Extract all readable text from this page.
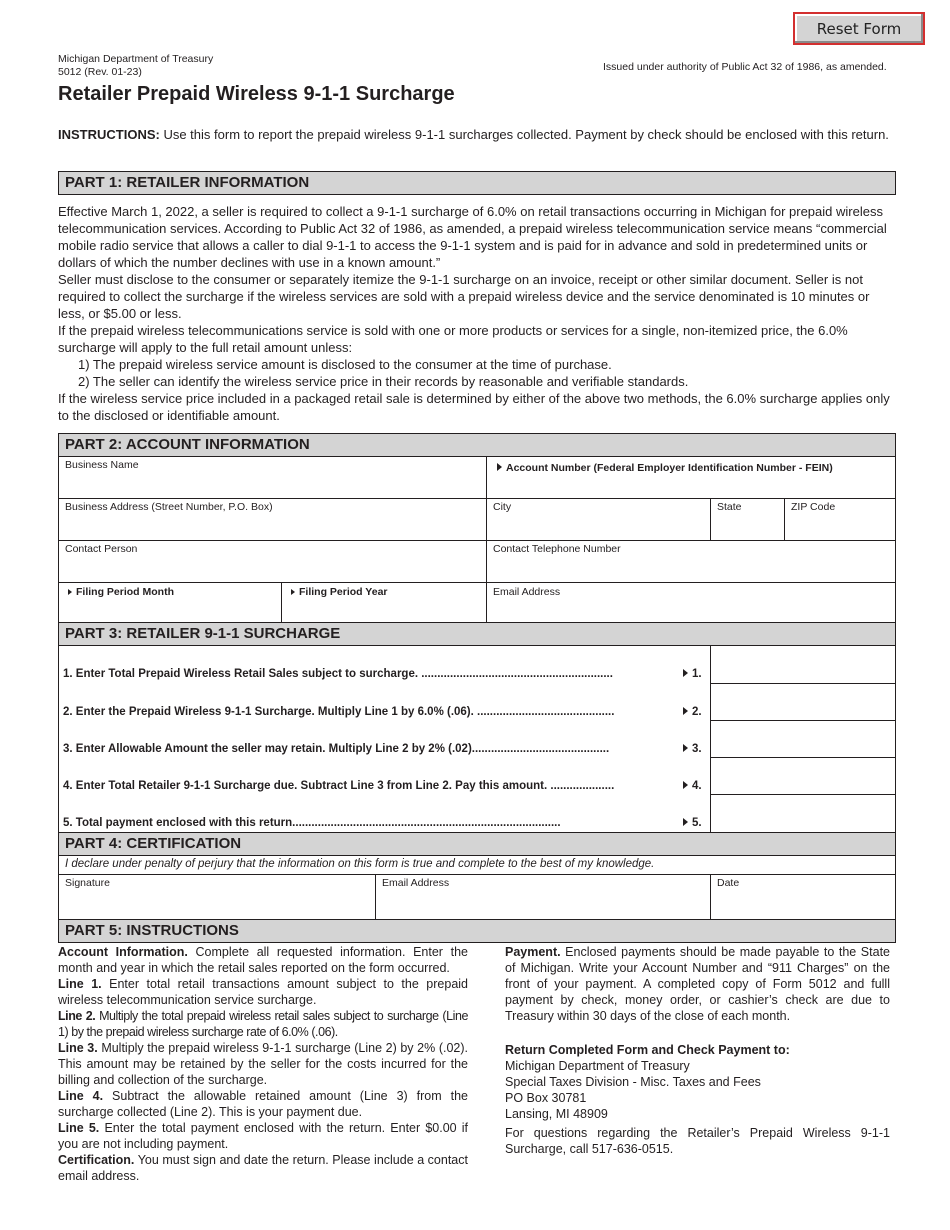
Reset Form
Michigan Department of Treasury
5012 (Rev. 01-23)	Issued under authority of Public Act 32 of 1986, as amended.
Retailer Prepaid Wireless 9-1-1 Surcharge
INSTRUCTIONS: Use this form to report the prepaid wireless 9-1-1 surcharges collected. Payment by check should be enclosed with this return.
PART 1: RETAILER INFORMATION
Effective March 1, 2022, a seller is required to collect a 9-1-1 surcharge of 6.0% on retail transactions occurring in Michigan for prepaid wireless telecommunication services. According to Public Act 32 of 1986, as amended, a prepaid wireless telecommunication service means “commercial mobile radio service that allows a caller to dial 9-1-1 to access the 9-1-1 system and is paid for in advance and sold in predetermined units or dollars of which the number declines with use in a known amount.”
Seller must disclose to the consumer or separately itemize the 9-1-1 surcharge on an invoice, receipt or other similar document. Seller is not required to collect the surcharge if the wireless services are sold with a prepaid wireless device and the service denominated is 10 minutes or less, or $5.00 or less.
If the prepaid wireless telecommunications service is sold with one or more products or services for a single, non-itemized price, the 6.0% surcharge will apply to the full retail amount unless:
1) The prepaid wireless service amount is disclosed to the consumer at the time of purchase.
2) The seller can identify the wireless service price in their records by reasonable and verifiable standards.
If the wireless service price included in a packaged retail sale is determined by either of the above two methods, the 6.0% surcharge applies only to the disclosed or identifiable amount.
PART 2: ACCOUNT INFORMATION
Business Name	Account Number (Federal Employer Identification Number - FEIN)
Business Address (Street Number, P.O. Box)	City	State	ZIP Code
Contact Person	Contact Telephone Number
Filing Period Month	Filing Period Year	Email Address
PART 3: RETAILER 9-1-1 SURCHARGE
1. Enter Total Prepaid Wireless Retail Sales subject to surcharge. ............................................................	1.
2. Enter the Prepaid Wireless 9-1-1 Surcharge. Multiply Line 1 by 6.0% (.06). ...........................................	2.
3. Enter Allowable Amount the seller may retain. Multiply Line 2 by 2% (.02)...........................................	3.
4. Enter Total Retailer 9-1-1 Surcharge due. Subtract Line 3 from Line 2. Pay this amount. ....................	4.
5. Total payment enclosed with this return....................................................................................	5.
PART 4: CERTIFICATION
I declare under penalty of perjury that the information on this form is true and complete to the best of my knowledge.
Signature	Email Address	Date
PART 5: INSTRUCTIONS
Account Information. Complete all requested information. Enter the month and year in which the retail sales reported on the form occurred.
Line 1. Enter total retail transactions amount subject to the prepaid wireless telecommunication service surcharge.
Line 2. Multiply the total prepaid wireless retail sales subject to surcharge (Line 1) by the prepaid wireless surcharge rate of 6.0% (.06).
Line 3. Multiply the prepaid wireless 9-1-1 surcharge (Line 2) by 2% (.02). This amount may be retained by the seller for the costs incurred for the billing and collection of the surcharge.
Line 4. Subtract the allowable retained amount (Line 3) from the surcharge collected (Line 2). This is your payment due.
Line 5. Enter the total payment enclosed with the return. Enter $0.00 if you are not including payment.
Certification. You must sign and date the return. Please include a contact email address.
Payment. Enclosed payments should be made payable to the State of Michigan. Write your Account Number and “911 Charges” on the front of your payment. A completed copy of Form 5012 and fulll payment by check, money order, or cashier’s check are due to Treasury within 30 days of the close of each month.
Return Completed Form and Check Payment to:
Michigan Department of Treasury
Special Taxes Division - Misc. Taxes and Fees
PO Box 30781
Lansing, MI 48909
For questions regarding the Retailer’s Prepaid Wireless 9-1-1 Surcharge, call 517-636-0515.
